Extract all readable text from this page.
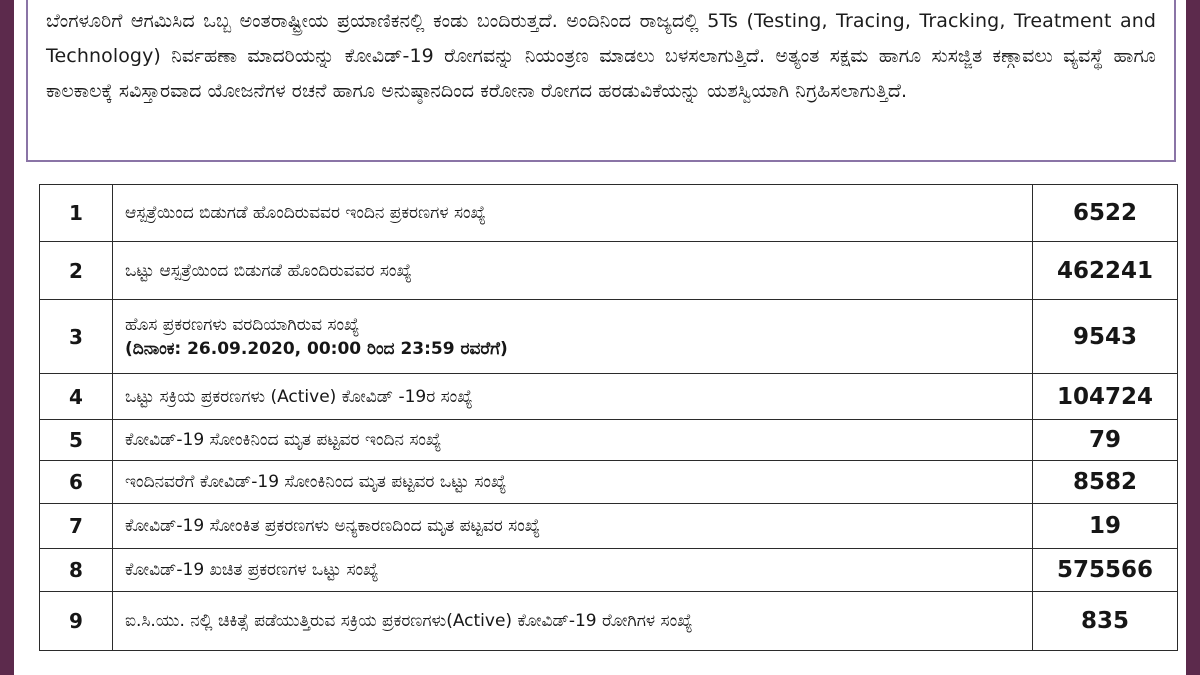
ಬೆಂಗಳೂರಿಗೆ ಆಗಮಿಸಿದ ಒಬ್ಬ ಅಂತರಾಷ್ಟ್ರೀಯ ಪ್ರಯಾಣಿಕನಲ್ಲಿ ಕಂಡು ಬಂದಿರುತ್ತದೆ. ಅಂದಿನಿಂದ ರಾಜ್ಯದಲ್ಲಿ 5Ts (Testing, Tracing, Tracking, Treatment and Technology) ನಿರ್ವಹಣಾ ಮಾದರಿಯನ್ನು ಕೋವಿಡ್-19 ರೋಗವನ್ನು ನಿಯಂತ್ರಣ ಮಾಡಲು ಬಳಸಲಾಗುತ್ತಿದೆ. ಅತ್ಯಂತ ಸಕ್ಷಮ ಹಾಗೂ ಸುಸಜ್ಜಿತ ಕಣ್ಗಾವಲು ವ್ಯವಸ್ಥೆ ಹಾಗೂ ಕಾಲಕಾಲಕ್ಕೆ ಸವಿಸ್ತಾರವಾದ ಯೋಜನೆಗಳ ರಚನೆ ಹಾಗೂ ಅನುಷ್ಠಾನದಿಂದ ಕರೋನಾ ರೋಗದ ಹರಡುವಿಕೆಯನ್ನು ಯಶಸ್ವಿಯಾಗಿ ನಿಗ್ರಹಿಸಲಾಗುತ್ತಿದೆ.

1	ಆಸ್ಪತ್ರೆಯಿಂದ ಬಿಡುಗಡೆ ಹೊಂದಿರುವವರ ಇಂದಿನ ಪ್ರಕರಣಗಳ ಸಂಖ್ಯೆ	6522
2	ಒಟ್ಟು ಆಸ್ಪತ್ರೆಯಿಂದ ಬಿಡುಗಡೆ ಹೊಂದಿರುವವರ ಸಂಖ್ಯೆ	462241
3	ಹೊಸ ಪ್ರಕರಣಗಳು ವರದಿಯಾಗಿರುವ ಸಂಖ್ಯೆ
(ದಿನಾಂಕ: 26.09.2020, 00:00 ರಿಂದ 23:59 ರವರೆಗೆ)	9543
4	ಒಟ್ಟು ಸಕ್ರಿಯ ಪ್ರಕರಣಗಳು (Active) ಕೋವಿಡ್ -19ರ ಸಂಖ್ಯೆ	104724
5	ಕೋವಿಡ್-19 ಸೋಂಕಿನಿಂದ ಮೃತ ಪಟ್ಟವರ ಇಂದಿನ ಸಂಖ್ಯೆ	79
6	ಇಂದಿನವರೆಗೆ ಕೋವಿಡ್-19 ಸೋಂಕಿನಿಂದ ಮೃತ ಪಟ್ಟವರ ಒಟ್ಟು ಸಂಖ್ಯೆ	8582
7	ಕೋವಿಡ್-19 ಸೋಂಕಿತ ಪ್ರಕರಣಗಳು ಅನ್ಯಕಾರಣದಿಂದ ಮೃತ ಪಟ್ಟವರ ಸಂಖ್ಯೆ	19
8	ಕೋವಿಡ್-19 ಖಚಿತ ಪ್ರಕರಣಗಳ ಒಟ್ಟು ಸಂಖ್ಯೆ	575566
9	ಐ.ಸಿ.ಯು. ನಲ್ಲಿ ಚಿಕಿತ್ಸೆ ಪಡೆಯುತ್ತಿರುವ ಸಕ್ರಿಯ ಪ್ರಕರಣಗಳು(Active) ಕೋವಿಡ್-19 ರೋಗಿಗಳ ಸಂಖ್ಯೆ	835
